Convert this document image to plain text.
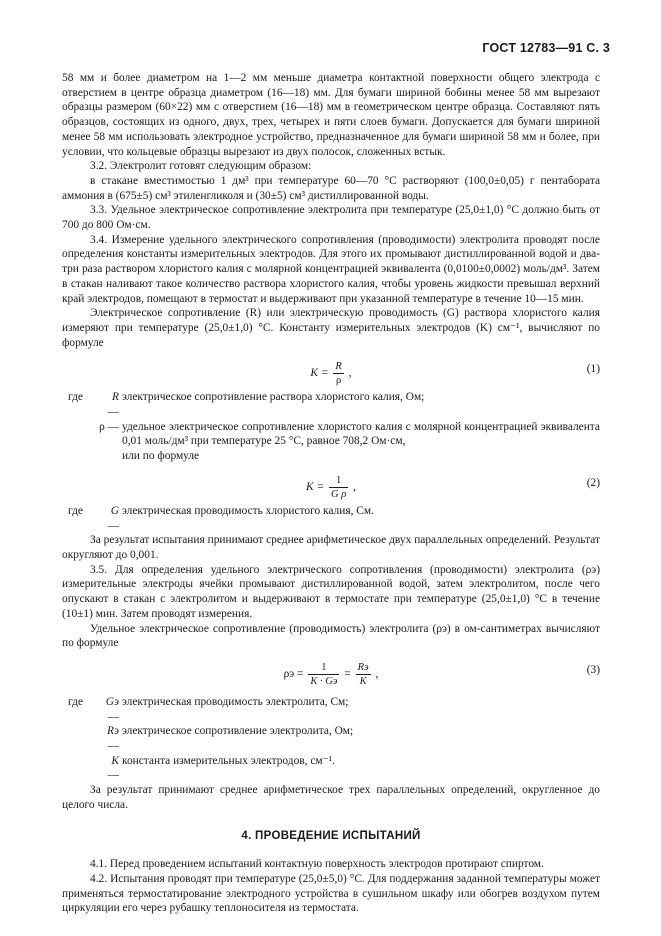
ГОСТ 12783—91 С. 3

58 мм и более диаметром на 1—2 мм меньше диаметра контактной поверхности общего электрода с отверстием в центре образца диаметром (16—18) мм. Для бумаги шириной бобины менее 58 мм вырезают образцы размером (60×22) мм с отверстием (16—18) мм в геометрическом центре образца. Составляют пять образцов, состоящих из одного, двух, трех, четырех и пяти слоев бумаги. Допускается для бумаги шириной менее 58 мм использовать электродное устройство, предназначенное для бумаги шириной 58 мм и более, при условии, что кольцевые образцы вырезают из двух полосок, сложенных встык.

3.2. Электролит готовят следующим образом:

в стакане вместимостью 1 дм³ при температуре 60—70 °С растворяют (100,0±0,05) г пентабората аммония в (675±5) см³ этиленгликоля и (30±5) см³ дистиллированной воды.

3.3. Удельное электрическое сопротивление электролита при температуре (25,0±1,0) °С должно быть от 700 до 800 Ом·см.

3.4. Измерение удельного электрического сопротивления (проводимости) электролита проводят после определения константы измерительных электродов. Для этого их промывают дистиллированной водой и два-три раза раствором хлористого калия с молярной концентрацией эквивалента (0,0100±0,0002) моль/дм³. Затем в стакан наливают такое количество раствора хлористого калия, чтобы уровень жидкости превышал верхний край электродов, помещают в термостат и выдерживают при указанной температуре в течение 10—15 мин.

Электрическое сопротивление (R) или электрическую проводимость (G) раствора хлористого калия измеряют при температуре (25,0±1,0) °С. Константу измерительных электродов (K) см⁻¹, вычисляют по формуле

$K = \frac{R}{\rho}$ ,	(1)
где	R —
электрическое сопротивление раствора хлористого калия, Ом;
ρ — удельное электрическое сопротивление хлористого калия с молярной концентрацией эквивалента 0,01 моль/дм³ при температуре 25 °С, равное 708,2 Ом·см,
или по формуле
$K = \frac{1}{\text{G ρ}}$ ,	(2)
где	G —
электрическая проводимость хлористого калия, См.

За результат испытания принимают среднее арифметическое двух параллельных определений. Результат округляют до 0,001.

3.5. Для определения удельного электрического сопротивления (проводимости) электролита (ρэ) измерительные электроды ячейки промывают дистиллированной водой, затем электролитом, после чего опускают в стакан с электролитом и выдерживают в термостате при температуре (25,0±1,0) °С в течение (10±1) мин. Затем проводят измерения.

Удельное электрическое сопротивление (проводимость) электролита (ρэ) в ом-сантиметрах вычисляют по формуле

$\rho э = \frac{1}{K \cdot Gэ} = \frac{Rэ}{K}$ ,	(3)
где	Gэ —
электрическая проводимость электролита, См;
Rэ —
электрическое сопротивление электролита, Ом;
K —
константа измерительных электродов, см⁻¹.

За результат принимают среднее арифметическое трех параллельных определений, округленное до целого числа.

4. ПРОВЕДЕНИЕ ИСПЫТАНИЙ

4.1. Перед проведением испытаний контактную поверхность электродов протирают спиртом.

4.2. Испытания проводят при температуре (25,0±5,0) °С. Для поддержания заданной температуры может применяться термостатирование электродного устройства в сушильном шкафу или обогрев воздухом путем циркуляции его через рубашку теплоносителя из термостата.
